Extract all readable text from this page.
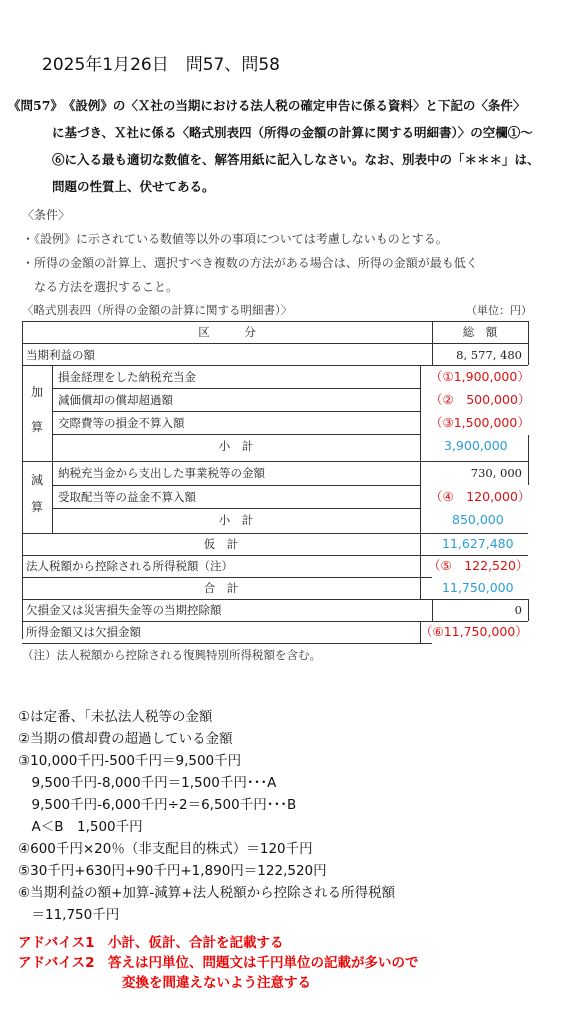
2025年1月26日　問57、問58
《問57》　《設例》の〈Ｘ社の当期における法人税の確定申告に係る資料〉と下記の〈条件〉
に基づき、Ｘ社に係る〈略式別表四（所得の金額の計算に関する明細書）〉の空欄①〜
⑥に入る最も適切な数値を、解答用紙に記入しなさい。なお、別表中の「＊＊＊」は、
問題の性質上、伏せてある。
〈条件〉
・《設例》に示されている数値等以外の事項については考慮しないものとする。
・所得の金額の計算上、選択すべき複数の方法がある場合は、所得の金額が最も低く
　なる方法を選択すること。
〈略式別表四（所得の金額の計算に関する明細書）〉	（単位：円）
区　　　分	総　額
当期利益の額	8, 577, 480
加
算
損金経理をした納税充当金	（①1,900,000）
減価償却の償却超過額	（②　500,000）
交際費等の損金不算入額	（③1,500,000）
小　計	3,900,000
減
算
納税充当金から支出した事業税等の金額	730, 000
受取配当等の益金不算入額	（④　120,000）
小　計	850,000
仮　計	11,627,480
法人税額から控除される所得税額（注）	（⑤　122,520）
合　計	11,750,000
欠損金又は災害損失金等の当期控除額	0
所得金額又は欠損金額	（⑥11,750,000）
（注）法人税額から控除される復興特別所得税額を含む。
①は定番、｢未払法人税等の金額
②当期の償却費の超過している金額
③10,000千円-500千円＝9,500千円
　9,500千円-8,000千円＝1,500千円･･･A
　9,500千円-6,000千円÷2＝6,500千円･･･B
　A＜B　1,500千円
④600千円×20％（非支配目的株式）＝120千円
⑤30千円+630円+90千円+1,890円＝122,520円
⑥当期利益の額+加算-減算+法人税額から控除される所得税額
　＝11,750千円
アドバイス1　小計、仮計、合計を記載する
アドバイス2　答えは円単位、問題文は千円単位の記載が多いので
変換を間違えないよう注意する
